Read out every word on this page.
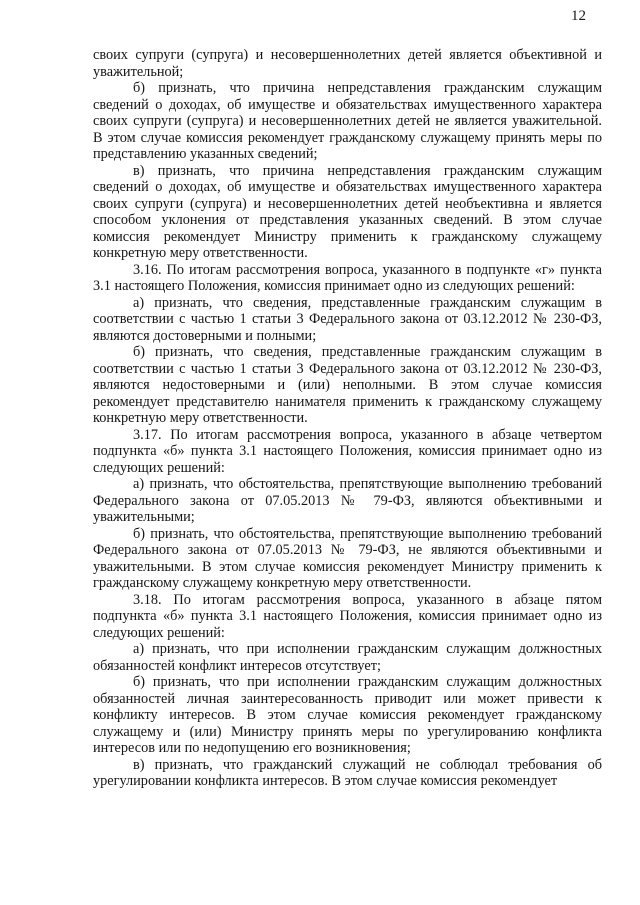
12

своих супруги (супруга) и несовершеннолетних детей является объективной и уважительной;

б) признать, что причина непредставления гражданским служащим сведений о доходах, об имуществе и обязательствах имущественного характера своих супруги (супруга) и несовершеннолетних детей не является уважительной. В этом случае комиссия рекомендует гражданскому служащему принять меры по представлению указанных сведений;

в) признать, что причина непредставления гражданским служащим сведений о доходах, об имуществе и обязательствах имущественного характера своих супруги (супруга) и несовершеннолетних детей необъективна и является способом уклонения от представления указанных сведений. В этом случае комиссия рекомендует Министру применить к гражданскому служащему конкретную меру ответственности.

3.16. По итогам рассмотрения вопроса, указанного в подпункте «г» пункта 3.1 настоящего Положения, комиссия принимает одно из следующих решений:

а) признать, что сведения, представленные гражданским служащим в соответствии с частью 1 статьи 3 Федерального закона от 03.12.2012 № 230-ФЗ, являются достоверными и полными;

б) признать, что сведения, представленные гражданским служащим в соответствии с частью 1 статьи 3 Федерального закона от 03.12.2012 № 230-ФЗ, являются недостоверными и (или) неполными. В этом случае комиссия рекомендует представителю нанимателя применить к гражданскому служащему конкретную меру ответственности.

3.17. По итогам рассмотрения вопроса, указанного в абзаце четвертом подпункта «б» пункта 3.1 настоящего Положения, комиссия принимает одно из следующих решений:

а) признать, что обстоятельства, препятствующие выполнению требований Федерального закона от 07.05.2013 № 79-ФЗ, являются объективными и уважительными;

б) признать, что обстоятельства, препятствующие выполнению требований Федерального закона от 07.05.2013 № 79-ФЗ, не являются объективными и уважительными. В этом случае комиссия рекомендует Министру применить к гражданскому служащему конкретную меру ответственности.

3.18. По итогам рассмотрения вопроса, указанного в абзаце пятом подпункта «б» пункта 3.1 настоящего Положения, комиссия принимает одно из следующих решений:

а) признать, что при исполнении гражданским служащим должностных обязанностей конфликт интересов отсутствует;

б) признать, что при исполнении гражданским служащим должностных обязанностей личная заинтересованность приводит или может привести к конфликту интересов. В этом случае комиссия рекомендует гражданскому служащему и (или) Министру принять меры по урегулированию конфликта интересов или по недопущению его возникновения;

в) признать, что гражданский служащий не соблюдал требования об урегулировании конфликта интересов. В этом случае комиссия рекомендует
